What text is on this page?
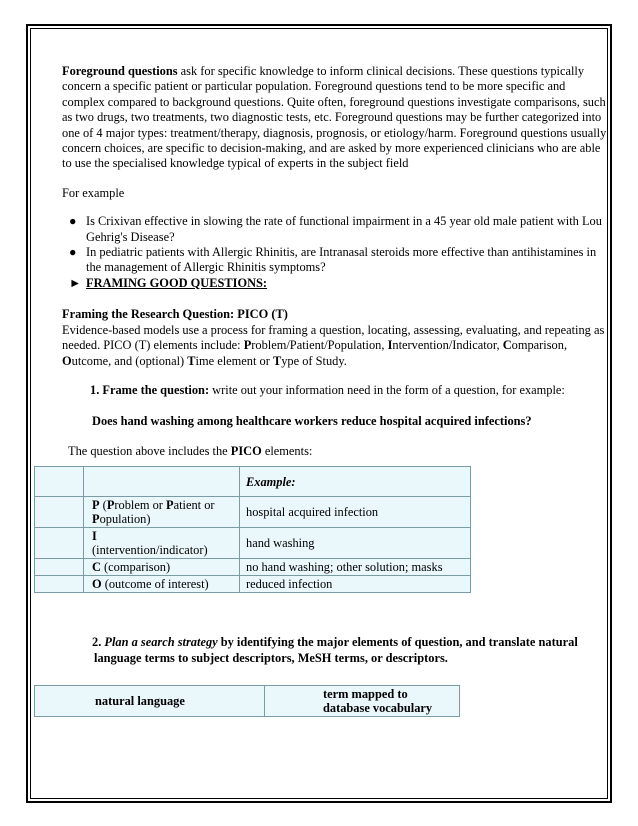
Foreground questions ask for specific knowledge to inform clinical decisions. These questions typically concern a specific patient or particular population. Foreground questions tend to be more specific and complex compared to background questions. Quite often, foreground questions investigate comparisons, such as two drugs, two treatments, two diagnostic tests, etc. Foreground questions may be further categorized into one of 4 major types: treatment/therapy, diagnosis, prognosis, or etiology/harm. Foreground questions usually concern choices, are specific to decision-making, and are asked by more experienced clinicians who are able to use the specialised knowledge typical of experts in the subject field

For example

● Is Crixivan effective in slowing the rate of functional impairment in a 45 year old male patient with Lou Gehrig's Disease?
● In pediatric patients with Allergic Rhinitis, are Intranasal steroids more effective than antihistamines in the management of Allergic Rhinitis symptoms?
► FRAMING GOOD QUESTIONS:

Framing the Research Question: PICO (T)

Evidence-based models use a process for framing a question, locating, assessing, evaluating, and repeating as needed. PICO (T) elements include: Problem/Patient/Population, Intervention/Indicator, Comparison, Outcome, and (optional) Time element or Type of Study.

1. Frame the question: write out your information need in the form of a question, for example:

Does hand washing among healthcare workers reduce hospital acquired infections?

The question above includes the PICO elements:

		Example:
	P (Problem or Patient or Population)	hospital acquired infection
	I
(intervention/indicator)	hand washing
	C (comparison)	no hand washing; other solution; masks
	O (outcome of interest)	reduced infection

2. Plan a search strategy by identifying the major elements of question, and translate natural language terms to subject descriptors, MeSH terms, or descriptors.

natural language	term mapped to
database vocabulary
